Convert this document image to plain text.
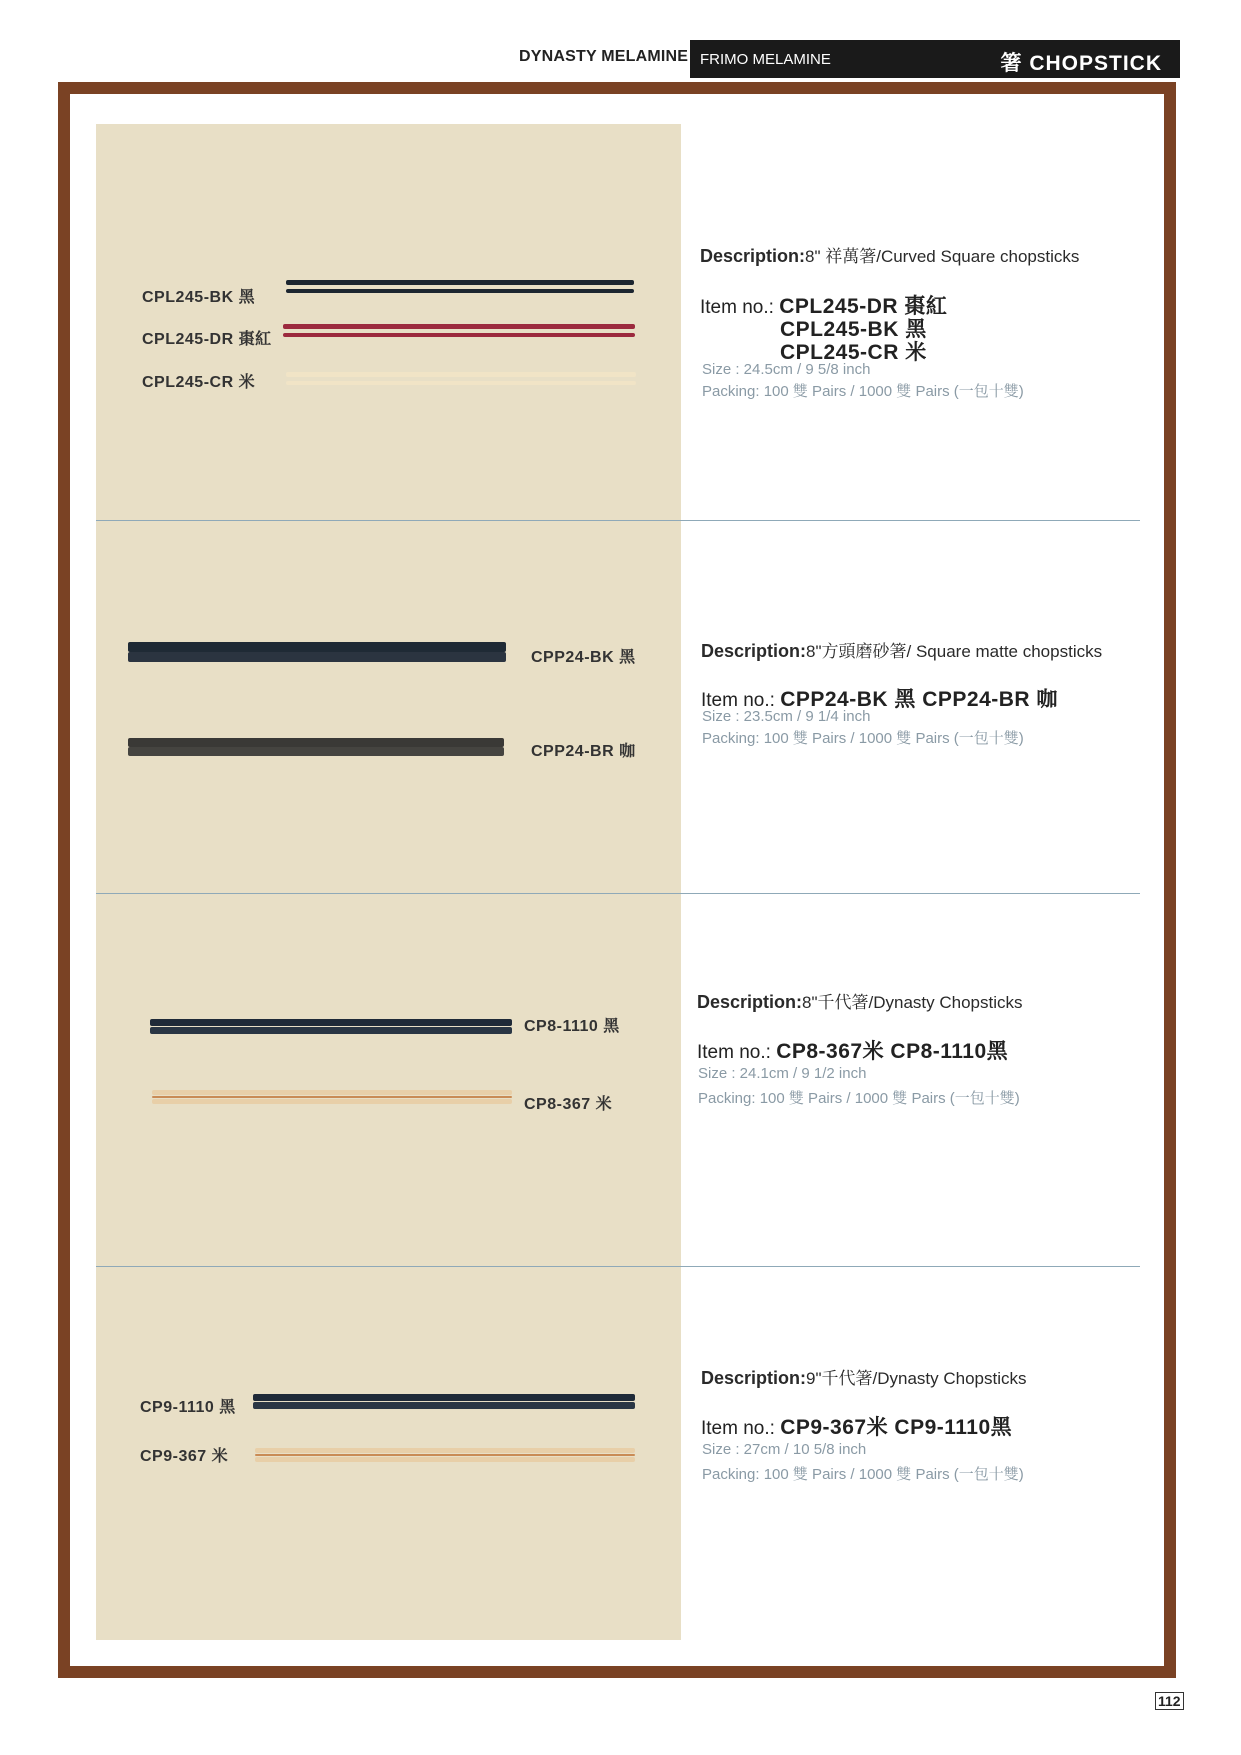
DYNASTY MELAMINE FRIMO MELAMINE	箸 CHOPSTICK
CPL245-BK 黑
CPL245-DR 棗紅
CPL245-CR 米
Description:8" 祥萬箸/Curved Square chopsticks
Item no.: CPL245-DR 棗紅
CPL245-BK 黑
CPL245-CR 米
Size : 24.5cm / 9 5/8 inch
Packing: 100 雙 Pairs / 1000 雙 Pairs (一包十雙)
CPP24-BK 黑
CPP24-BR 咖
Description:8"方頭磨砂箸/ Square matte chopsticks
Item no.: CPP24-BK 黑 CPP24-BR 咖
Size : 23.5cm / 9 1/4 inch
Packing: 100 雙 Pairs / 1000 雙 Pairs (一包十雙)
CP8-1110 黑
CP8-367 米
Description:8"千代箸/Dynasty Chopsticks
Item no.: CP8-367米 CP8-1110黑
Size : 24.1cm / 9 1/2 inch
Packing: 100 雙 Pairs / 1000 雙 Pairs (一包十雙)
CP9-1110 黑
CP9-367 米
Description:9"千代箸/Dynasty Chopsticks
Item no.: CP9-367米 CP9-1110黑
Size : 27cm / 10 5/8 inch
Packing: 100 雙 Pairs / 1000 雙 Pairs (一包十雙)
112
